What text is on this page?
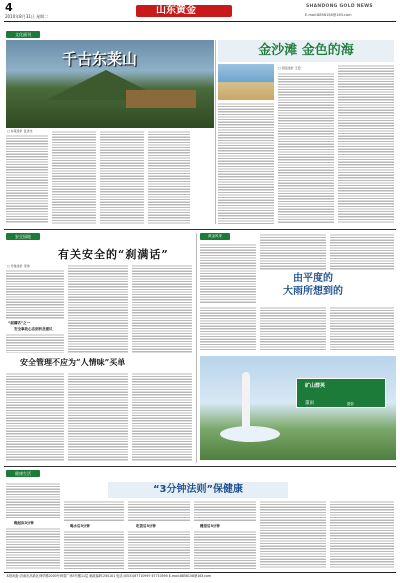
4
2010年8月31日 星期二
山东黄金	SHANDONG GOLD NEWS
E-mail:8856158@163.com
文化副刊
千古东莱山	金沙滩 金色的海
□ 招远金矿 王宏
□ 东莱金矿 张洪生
安全园地
有关安全的“刹满话”
□ 玲珑金矿 宋伟
“刹满话”之一
安全事故心态剖析及建议
安全管理不应为“人情味”买单
黄金风采
由平度的
大雨所想到的
矿山群英
董雨	摄影
健康生活
“3分钟法则”保健康
晚起床3分钟
喝水后3分钟	吃饭后3分钟	睡觉后3分钟
本报地址:济南市高新区舜华路2000号舜泰广场3号楼11层 邮政编码:250101 电话:(0531)67710997 67710590 E-mail:8856158@163.com
